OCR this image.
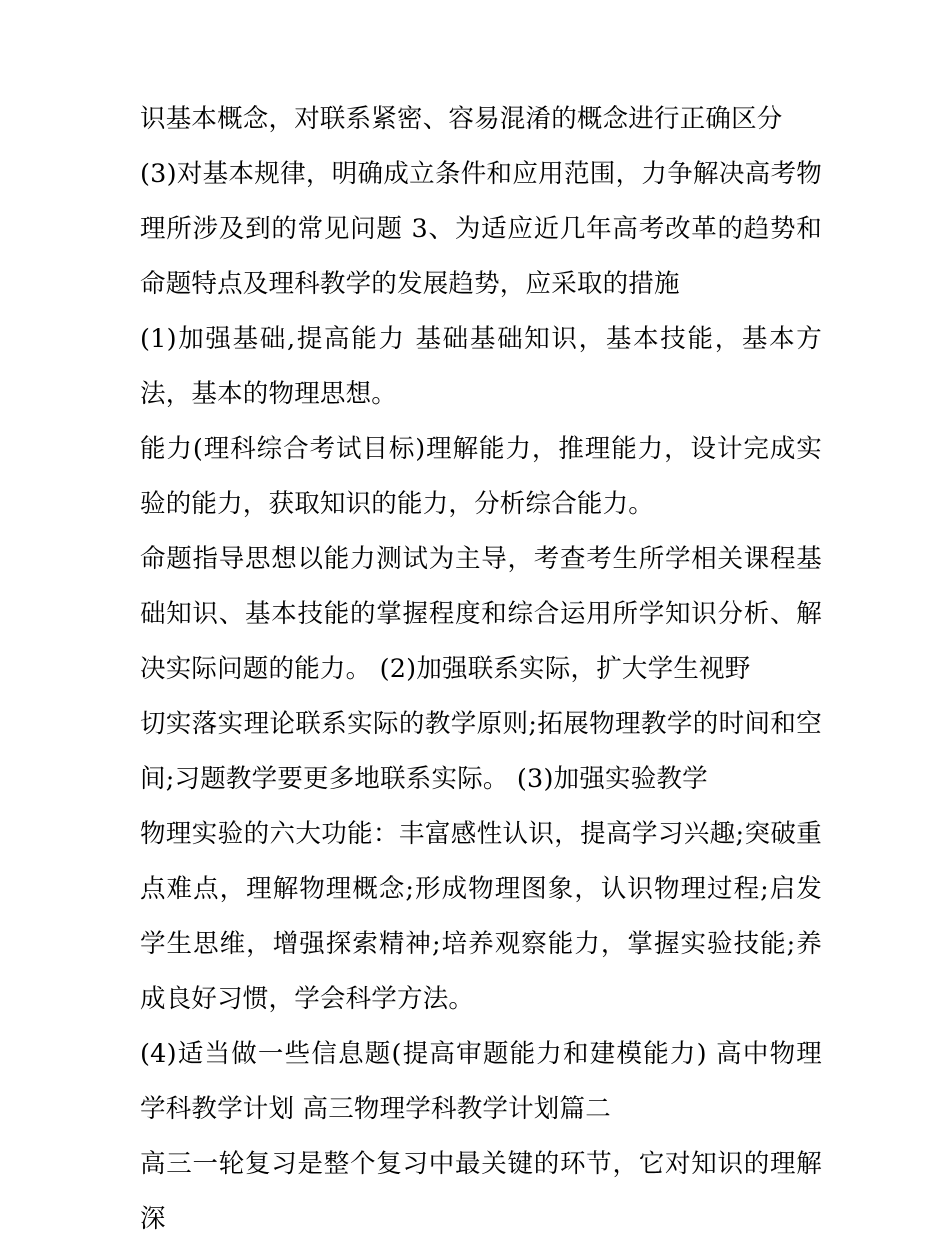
识基本概念，对联系紧密、容易混淆的概念进行正确区分

(3)对基本规律，明确成立条件和应用范围，力争解决高考物理所涉及到的常见问题 3、为适应近几年高考改革的趋势和命题特点及理科教学的发展趋势，应采取的措施

(1)加强基础,提高能力 基础基础知识，基本技能，基本方法，基本的物理思想。

能力(理科综合考试目标)理解能力，推理能力，设计完成实验的能力，获取知识的能力，分析综合能力。

命题指导思想以能力测试为主导，考查考生所学相关课程基础知识、基本技能的掌握程度和综合运用所学知识分析、解决实际问题的能力。 (2)加强联系实际，扩大学生视野

切实落实理论联系实际的教学原则;拓展物理教学的时间和空间;习题教学要更多地联系实际。 (3)加强实验教学

物理实验的六大功能：丰富感性认识，提高学习兴趣;突破重点难点，理解物理概念;形成物理图象，认识物理过程;启发学生思维，增强探索精神;培养观察能力，掌握实验技能;养成良好习惯，学会科学方法。

(4)适当做一些信息题(提高审题能力和建模能力) 高中物理学科教学计划 高三物理学科教学计划篇二

高三一轮复习是整个复习中最关键的环节，它对知识的理解深
